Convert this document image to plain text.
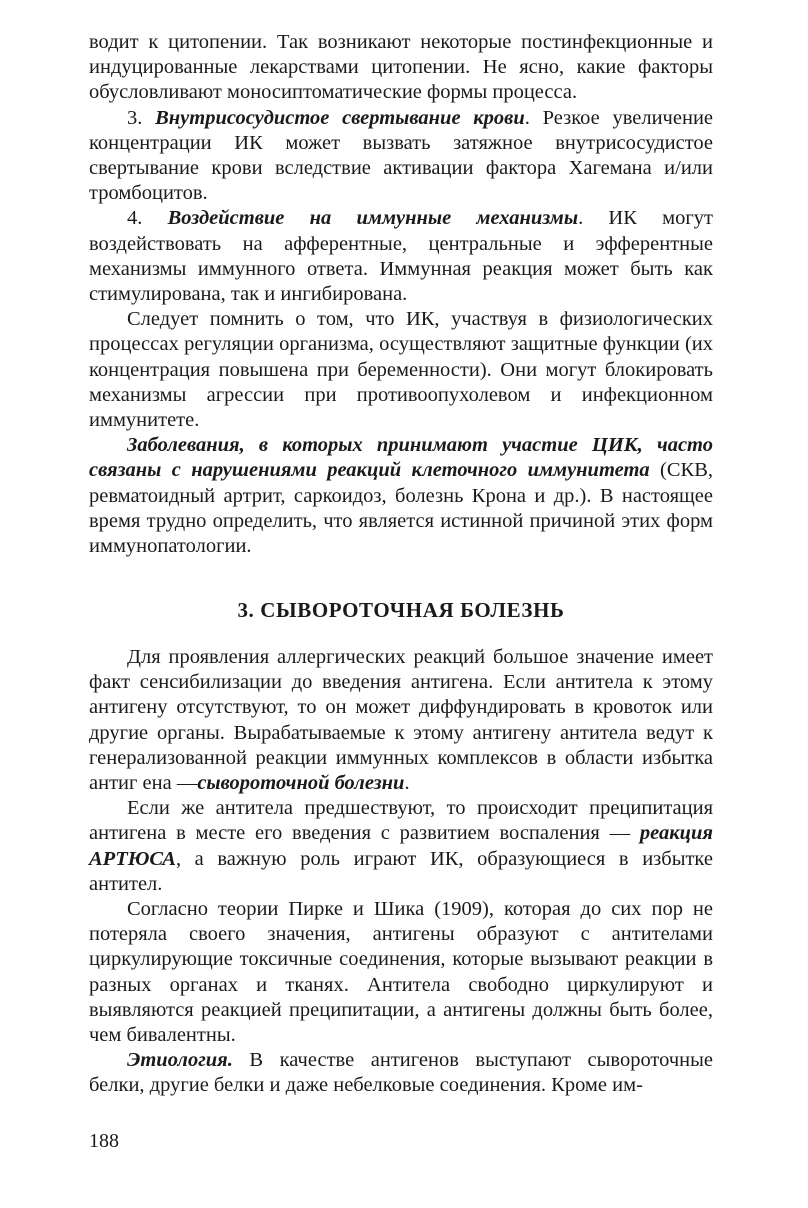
водит к цитопении. Так возникают некоторые постинфекционные и индуцированные лекарствами цитопении. Не ясно, какие факторы обусловливают моносиптоматические формы процесса.

3. Внутрисосудистое свертывание крови. Резкое увеличение концентрации ИК может вызвать затяжное внутрисосудистое свертывание крови вследствие активации фактора Хагемана и/или тромбоцитов.

4. Воздействие на иммунные механизмы. ИК могут воздействовать на афферентные, центральные и эфферентные механизмы иммунного ответа. Иммунная реакция может быть как стимулирована, так и ингибирована.

Следует помнить о том, что ИК, участвуя в физиологических процессах регуляции организма, осуществляют защитные функции (их концентрация повышена при беременности). Они могут блокировать механизмы агрессии при противоопухолевом и инфекционном иммунитете.

Заболевания, в которых принимают участие ЦИК, часто связаны с нарушениями реакций клеточного иммунитета (СКВ, ревматоидный артрит, саркоидоз, болезнь Крона и др.). В настоящее время трудно определить, что является истинной причиной этих форм иммунопатологии.

3. СЫВОРОТОЧНАЯ БОЛЕЗНЬ

Для проявления аллергических реакций большое значение имеет факт сенсибилизации до введения антигена. Если антитела к этому антигену отсутствуют, то он может диффундировать в кровоток или другие органы. Вырабатываемые к этому антигену антитела ведут к генерализованной реакции иммунных комплексов в области избытка антиг ена —сывороточной болезни.

Если же антитела предшествуют, то происходит преципитация антигена в месте его введения с развитием воспаления — реакция АРТЮСА, а важную роль играют ИК, образующиеся в избытке антител.

Согласно теории Пирке и Шика (1909), которая до сих пор не потеряла своего значения, антигены образуют с антителами циркулирующие токсичные соединения, которые вызывают реакции в разных органах и тканях. Антитела свободно циркулируют и выявляются реакцией преципитации, а антигены должны быть более, чем бивалентны.

Этиология. В качестве антигенов выступают сывороточные белки, другие белки и даже небелковые соединения. Кроме им-

188
